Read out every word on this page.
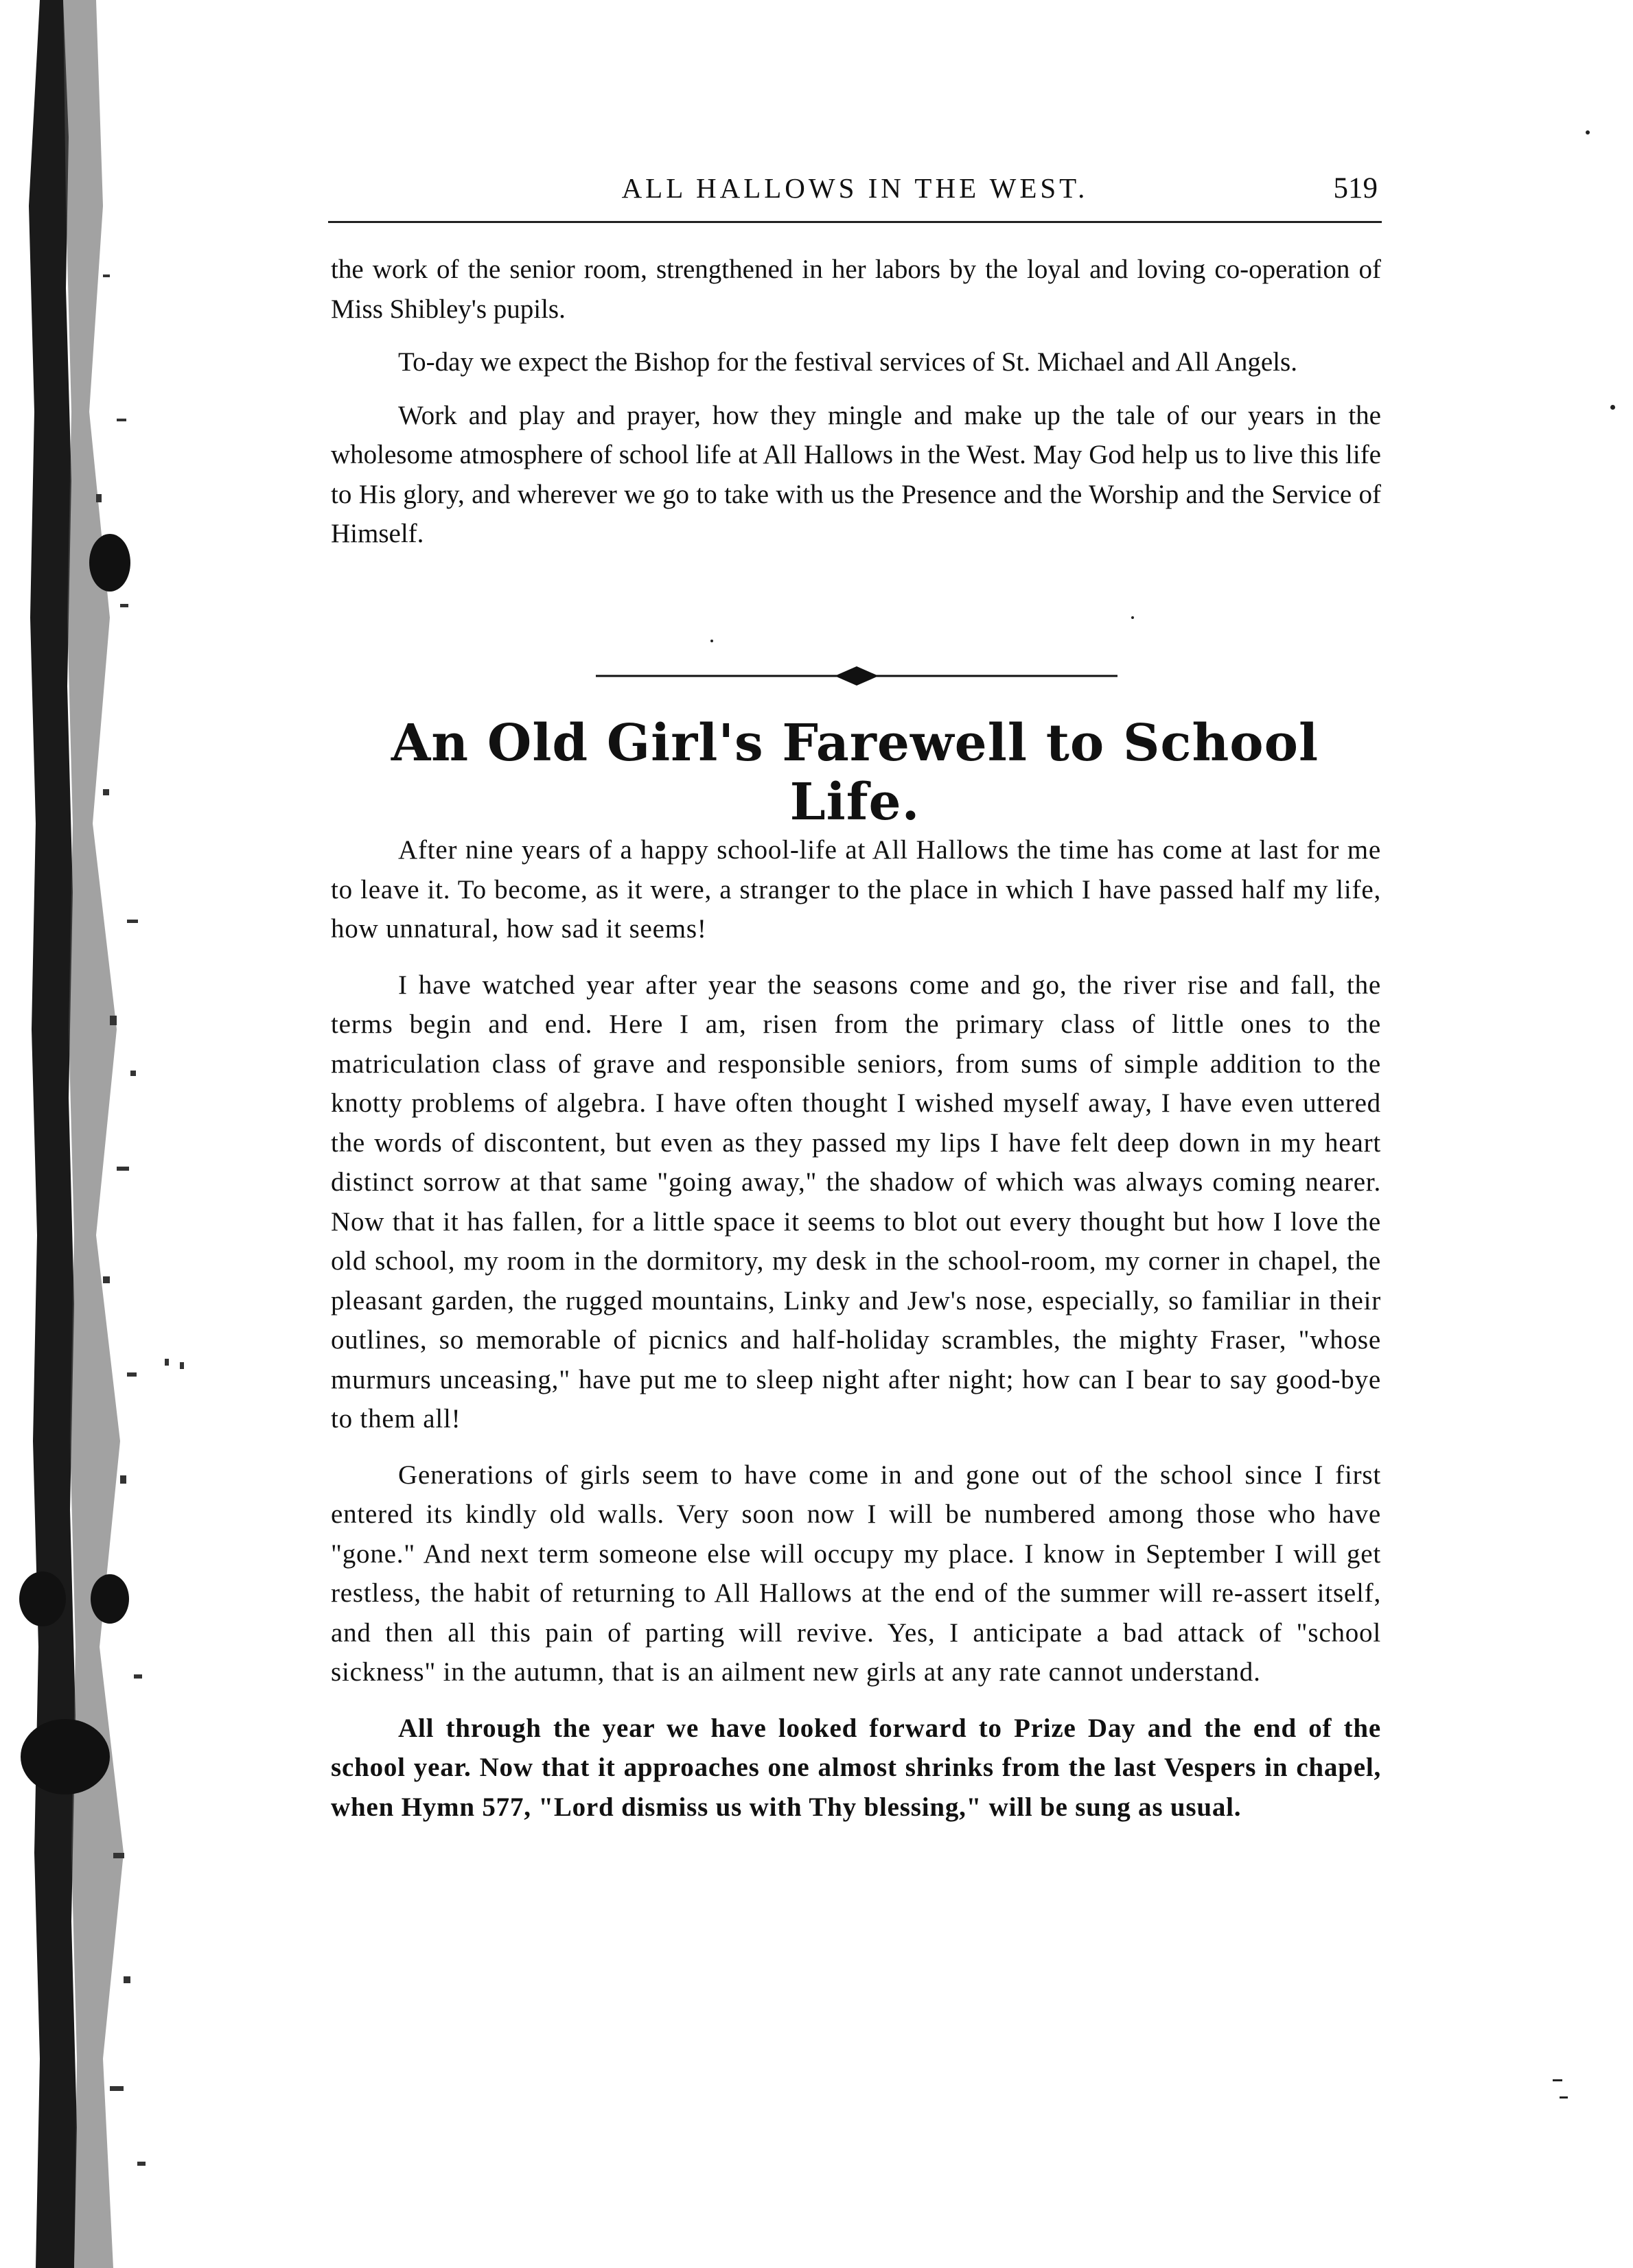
ALL HALLOWS IN THE WEST.	519

the work of the senior room, strengthened in her labors by the loyal and loving co-operation of Miss Shibley's pupils.

To-day we expect the Bishop for the festival services of St. Michael and All Angels.

Work and play and prayer, how they mingle and make up the tale of our years in the wholesome atmosphere of school life at All Hallows in the West. May God help us to live this life to His glory, and wherever we go to take with us the Presence and the Worship and the Service of Himself.

An Old Girl's Farewell to School Life.

After nine years of a happy school-life at All Hallows the time has come at last for me to leave it. To become, as it were, a stranger to the place in which I have passed half my life, how unnatural, how sad it seems!

I have watched year after year the seasons come and go, the river rise and fall, the terms begin and end. Here I am, risen from the primary class of little ones to the matriculation class of grave and responsible seniors, from sums of simple addition to the knotty problems of algebra. I have often thought I wished myself away, I have even uttered the words of discontent, but even as they passed my lips I have felt deep down in my heart distinct sorrow at that same "going away," the shadow of which was always coming nearer. Now that it has fallen, for a little space it seems to blot out every thought but how I love the old school, my room in the dormitory, my desk in the school-room, my corner in chapel, the pleasant garden, the rugged mountains, Linky and Jew's nose, especially, so familiar in their outlines, so memorable of picnics and half-holiday scrambles, the mighty Fraser, "whose murmurs unceasing," have put me to sleep night after night; how can I bear to say good-bye to them all!

Generations of girls seem to have come in and gone out of the school since I first entered its kindly old walls. Very soon now I will be numbered among those who have "gone." And next term someone else will occupy my place. I know in September I will get restless, the habit of returning to All Hallows at the end of the summer will re-assert itself, and then all this pain of parting will revive. Yes, I anticipate a bad attack of "school sickness" in the autumn, that is an ailment new girls at any rate cannot understand.

All through the year we have looked forward to Prize Day and the end of the school year. Now that it approaches one almost shrinks from the last Vespers in chapel, when Hymn 577, "Lord dismiss us with Thy blessing," will be sung as usual.
